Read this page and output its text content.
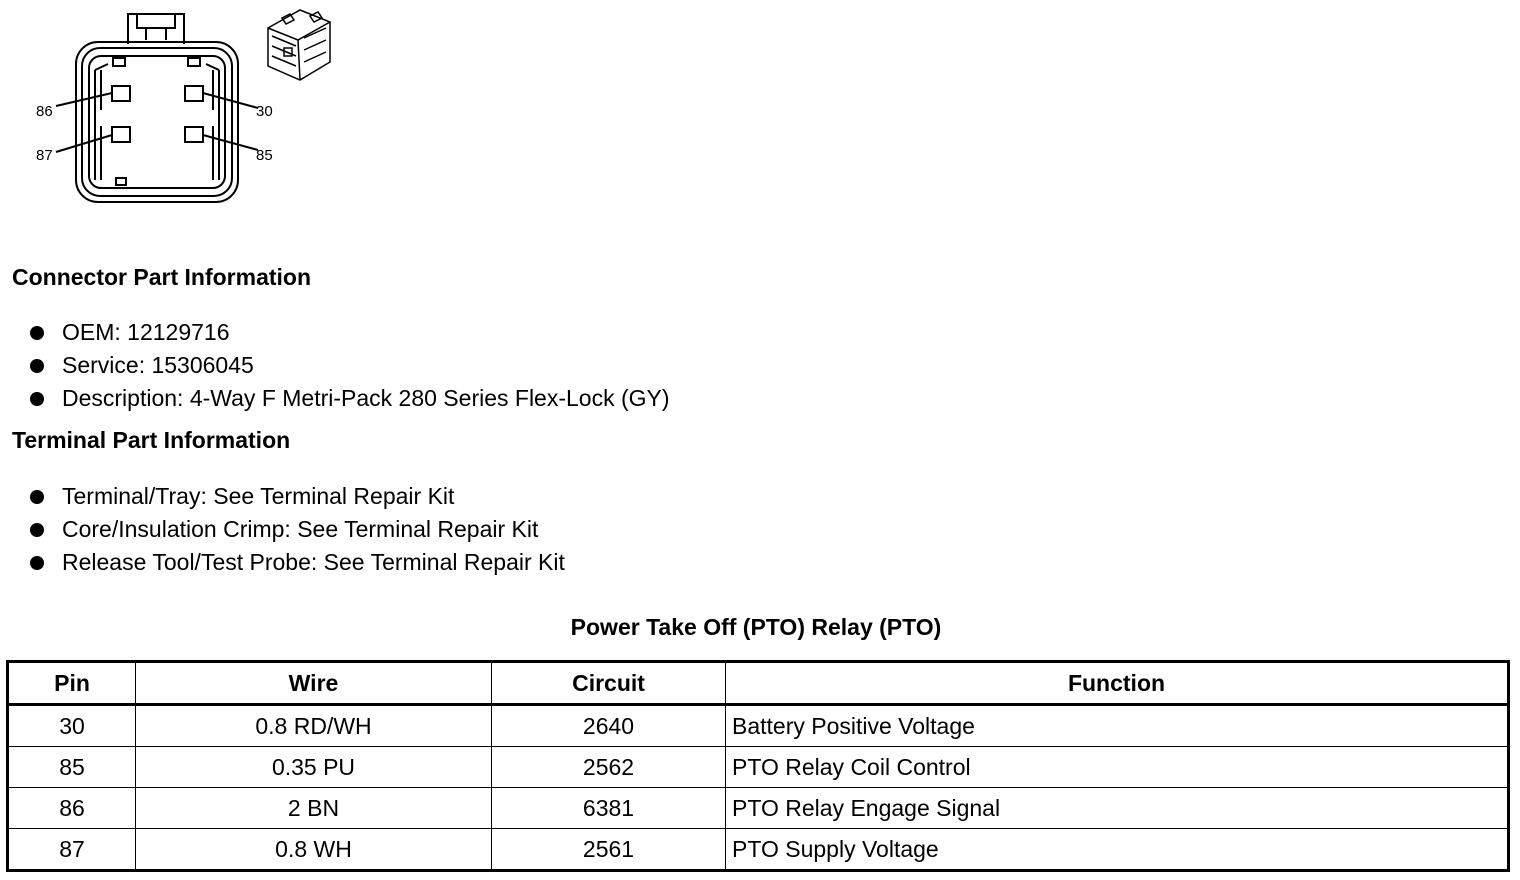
86	30
87	85
Connector Part Information
OEM: 12129716
Service: 15306045
Description: 4-Way F Metri-Pack 280 Series Flex-Lock (GY)
Terminal Part Information
Terminal/Tray: See Terminal Repair Kit
Core/Insulation Crimp: See Terminal Repair Kit
Release Tool/Test Probe: See Terminal Repair Kit
Power Take Off (PTO) Relay (PTO)
Pin	Wire	Circuit	Function
30	0.8 RD/WH	2640	Battery Positive Voltage
85	0.35 PU	2562	PTO Relay Coil Control
86	2 BN	6381	PTO Relay Engage Signal
87	0.8 WH	2561	PTO Supply Voltage
